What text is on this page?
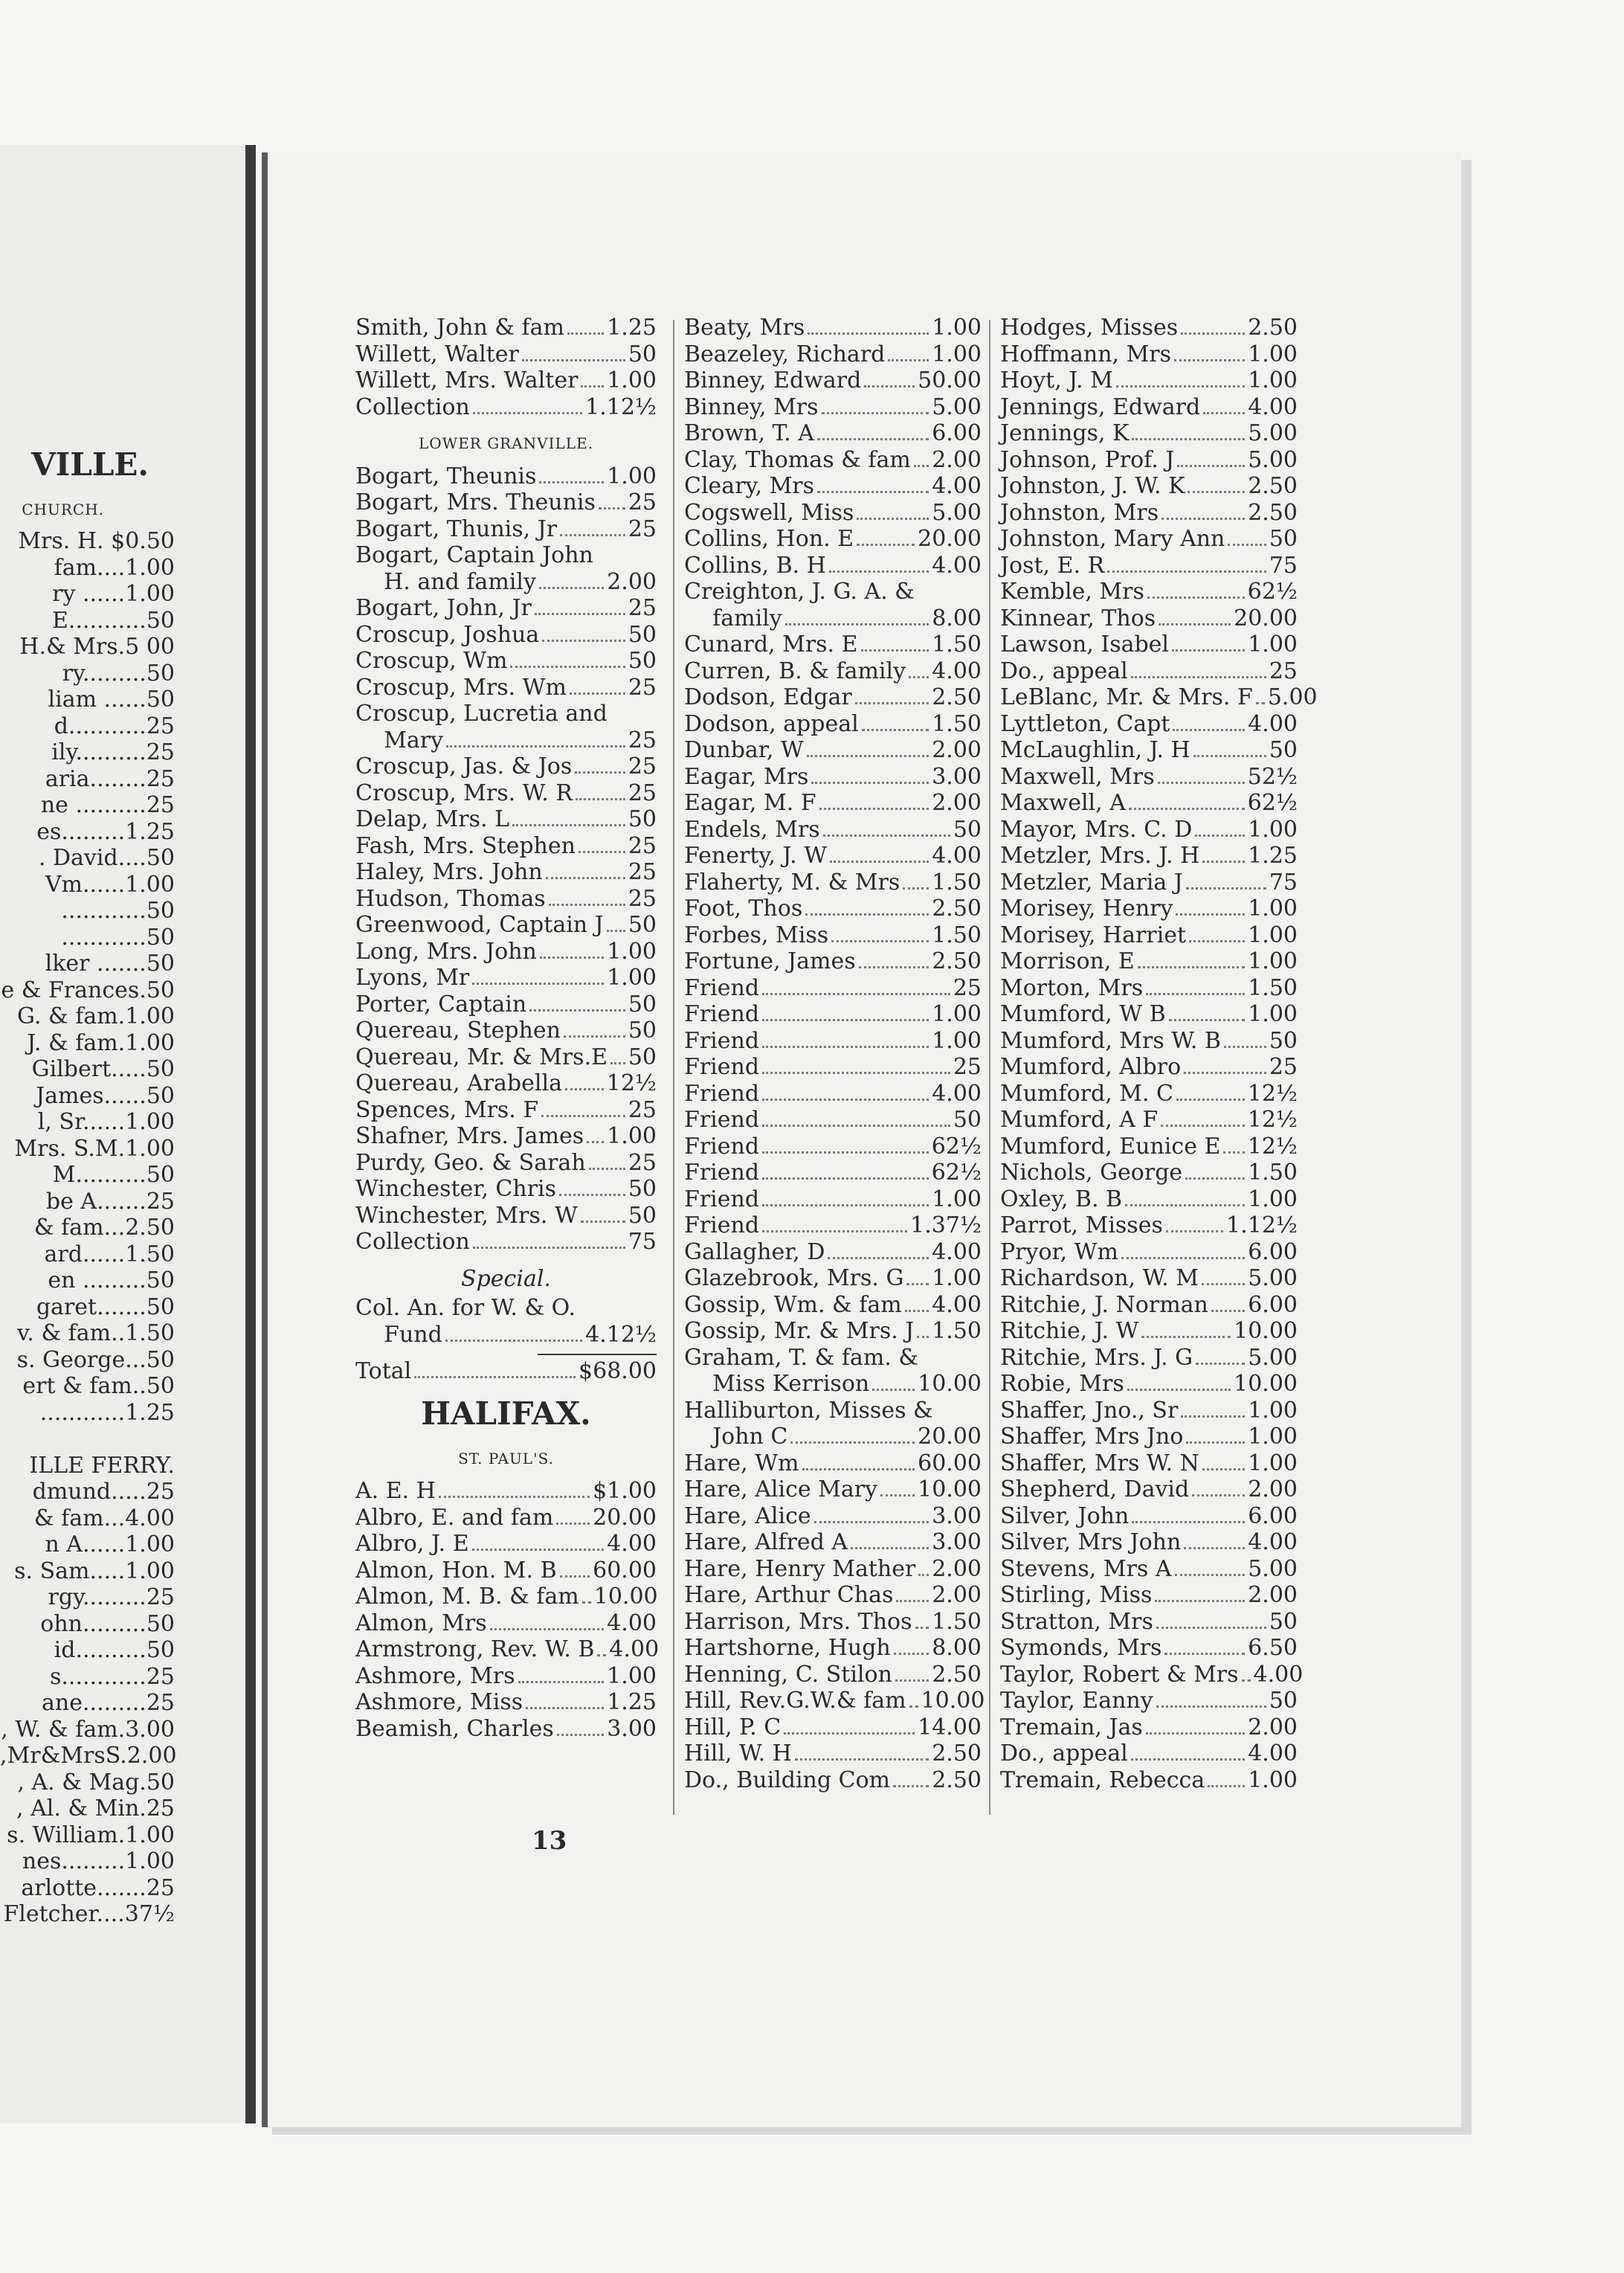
VILLE.
CHURCH.
Mrs. H. $0.50
fam....1.00
ry ......1.00
E...........50
H.& Mrs.5 00
ry.........50
liam ......50
d...........25
ily..........25
aria........25
ne ..........25
es.........1.25
. David....50
Vm......1.00
............50
............50
lker .......50
e & Frances.50
G. & fam.1.00
J. & fam.1.00
Gilbert.....50
James......50
l, Sr......1.00
Mrs. S.M.1.00
M..........50
be A.......25
& fam...2.50
ard......1.50
en .........50
garet.......50
v. & fam..1.50
s. George...50
ert & fam..50
............1.25

ILLE FERRY.
dmund.....25
& fam...4.00
n A......1.00
s. Sam.....1.00
rgy.........25
ohn.........50
id..........50
s............25
ane.........25
, W. & fam.3.00
,Mr&MrsS.2.00
, A. & Mag.50
, Al. & Min.25
s. William.1.00
nes.........1.00
arlotte.......25
Fletcher....37½
Smith, John & fam 1.25
Willett, Walter	50
Willett, Mrs. Walter 1.00
Collection	1.12½
LOWER GRANVILLE.
Bogart, Theunis	1.00
Bogart, Mrs. Theunis 25
Bogart, Thunis, Jr	25
Bogart, Captain John
H. and family	2.00
Bogart, John, Jr	25
Croscup, Joshua	50
Croscup, Wm	50
Croscup, Mrs. Wm	25
Croscup, Lucretia and
Mary	25
Croscup, Jas. & Jos	25
Croscup, Mrs. W. R 25
Delap, Mrs. L	50
Fash, Mrs. Stephen 25
Haley, Mrs. John	25
Hudson, Thomas	25
Greenwood, Captain J 50
Long, Mrs. John	1.00
Lyons, Mr	1.00
Porter, Captain	50
Quereau, Stephen	50
Quereau, Mr. & Mrs.E 50
Quereau, Arabella 12½
Spences, Mrs. F	25
Shafner, Mrs. James 1.00
Purdy, Geo. & Sarah 25
Winchester, Chris	50
Winchester, Mrs. W 50
Collection	75
Special.
Col. An. for W. & O.
Fund	4.12½
Total	$68.00
HALIFAX.
ST. PAUL'S.
A. E. H	$1.00
Albro, E. and fam 20.00
Albro, J. E	4.00
Almon, Hon. M. B 60.00
Almon, M. B. & fam 10.00
Almon, Mrs	4.00
Armstrong, Rev. W. B 4.00
Ashmore, Mrs	1.00
Ashmore, Miss	1.25
Beamish, Charles 3.00
Beaty, Mrs	1.00
Beazeley, Richard 1.00
Binney, Edward	50.00
Binney, Mrs	5.00
Brown, T. A	6.00
Clay, Thomas & fam 2.00
Cleary, Mrs	4.00
Cogswell, Miss	5.00
Collins, Hon. E	20.00
Collins, B. H	4.00
Creighton, J. G. A. &
family	8.00
Cunard, Mrs. E	1.50
Curren, B. & family 4.00
Dodson, Edgar	2.50
Dodson, appeal	1.50
Dunbar, W	2.00
Eagar, Mrs	3.00
Eagar, M. F	2.00
Endels, Mrs	50
Fenerty, J. W	4.00
Flaherty, M. & Mrs 1.50
Foot, Thos	2.50
Forbes, Miss	1.50
Fortune, James	2.50
Friend	25
Friend	1.00
Friend	1.00
Friend	25
Friend	4.00
Friend	50
Friend	62½
Friend	62½
Friend	1.00
Friend	1.37½
Gallagher, D	4.00
Glazebrook, Mrs. G 1.00
Gossip, Wm. & fam 4.00
Gossip, Mr. & Mrs. J 1.50
Graham, T. & fam. &
Miss Kerrison 10.00
Halliburton, Misses &
John C	20.00
Hare, Wm	60.00
Hare, Alice Mary 10.00
Hare, Alice	3.00
Hare, Alfred A	3.00
Hare, Henry Mather 2.00
Hare, Arthur Chas 2.00
Harrison, Mrs. Thos 1.50
Hartshorne, Hugh 8.00
Henning, C. Stilon 2.50
Hill, Rev.G.W.& fam 10.00
Hill, P. C	14.00
Hill, W. H	2.50
Do., Building Com 2.50
Hodges, Misses	2.50
Hoffmann, Mrs	1.00
Hoyt, J. M	1.00
Jennings, Edward 4.00
Jennings, K	5.00
Johnson, Prof. J	5.00
Johnston, J. W. K	2.50
Johnston, Mrs	2.50
Johnston, Mary Ann 50
Jost, E. R	75
Kemble, Mrs	62½
Kinnear, Thos	20.00
Lawson, Isabel	1.00
Do., appeal	25
LeBlanc, Mr. & Mrs. F 5.00
Lyttleton, Capt	4.00
McLaughlin, J. H	50
Maxwell, Mrs	52½
Maxwell, A	62½
Mayor, Mrs. C. D 1.00
Metzler, Mrs. J. H 1.25
Metzler, Maria J	75
Morisey, Henry	1.00
Morisey, Harriet	1.00
Morrison, E	1.00
Morton, Mrs	1.50
Mumford, W B	1.00
Mumford, Mrs W. B 50
Mumford, Albro	25
Mumford, M. C	12½
Mumford, A F	12½
Mumford, Eunice E 12½
Nichols, George	1.50
Oxley, B. B	1.00
Parrot, Misses	1.12½
Pryor, Wm	6.00
Richardson, W. M 5.00
Ritchie, J. Norman 6.00
Ritchie, J. W	10.00
Ritchie, Mrs. J. G 5.00
Robie, Mrs	10.00
Shaffer, Jno., Sr	1.00
Shaffer, Mrs Jno	1.00
Shaffer, Mrs W. N 1.00
Shepherd, David	2.00
Silver, John	6.00
Silver, Mrs John	4.00
Stevens, Mrs A	5.00
Stirling, Miss	2.00
Stratton, Mrs	50
Symonds, Mrs	6.50
Taylor, Robert & Mrs 4.00
Taylor, Eanny	50
Tremain, Jas	2.00
Do., appeal	4.00
Tremain, Rebecca 1.00
13
